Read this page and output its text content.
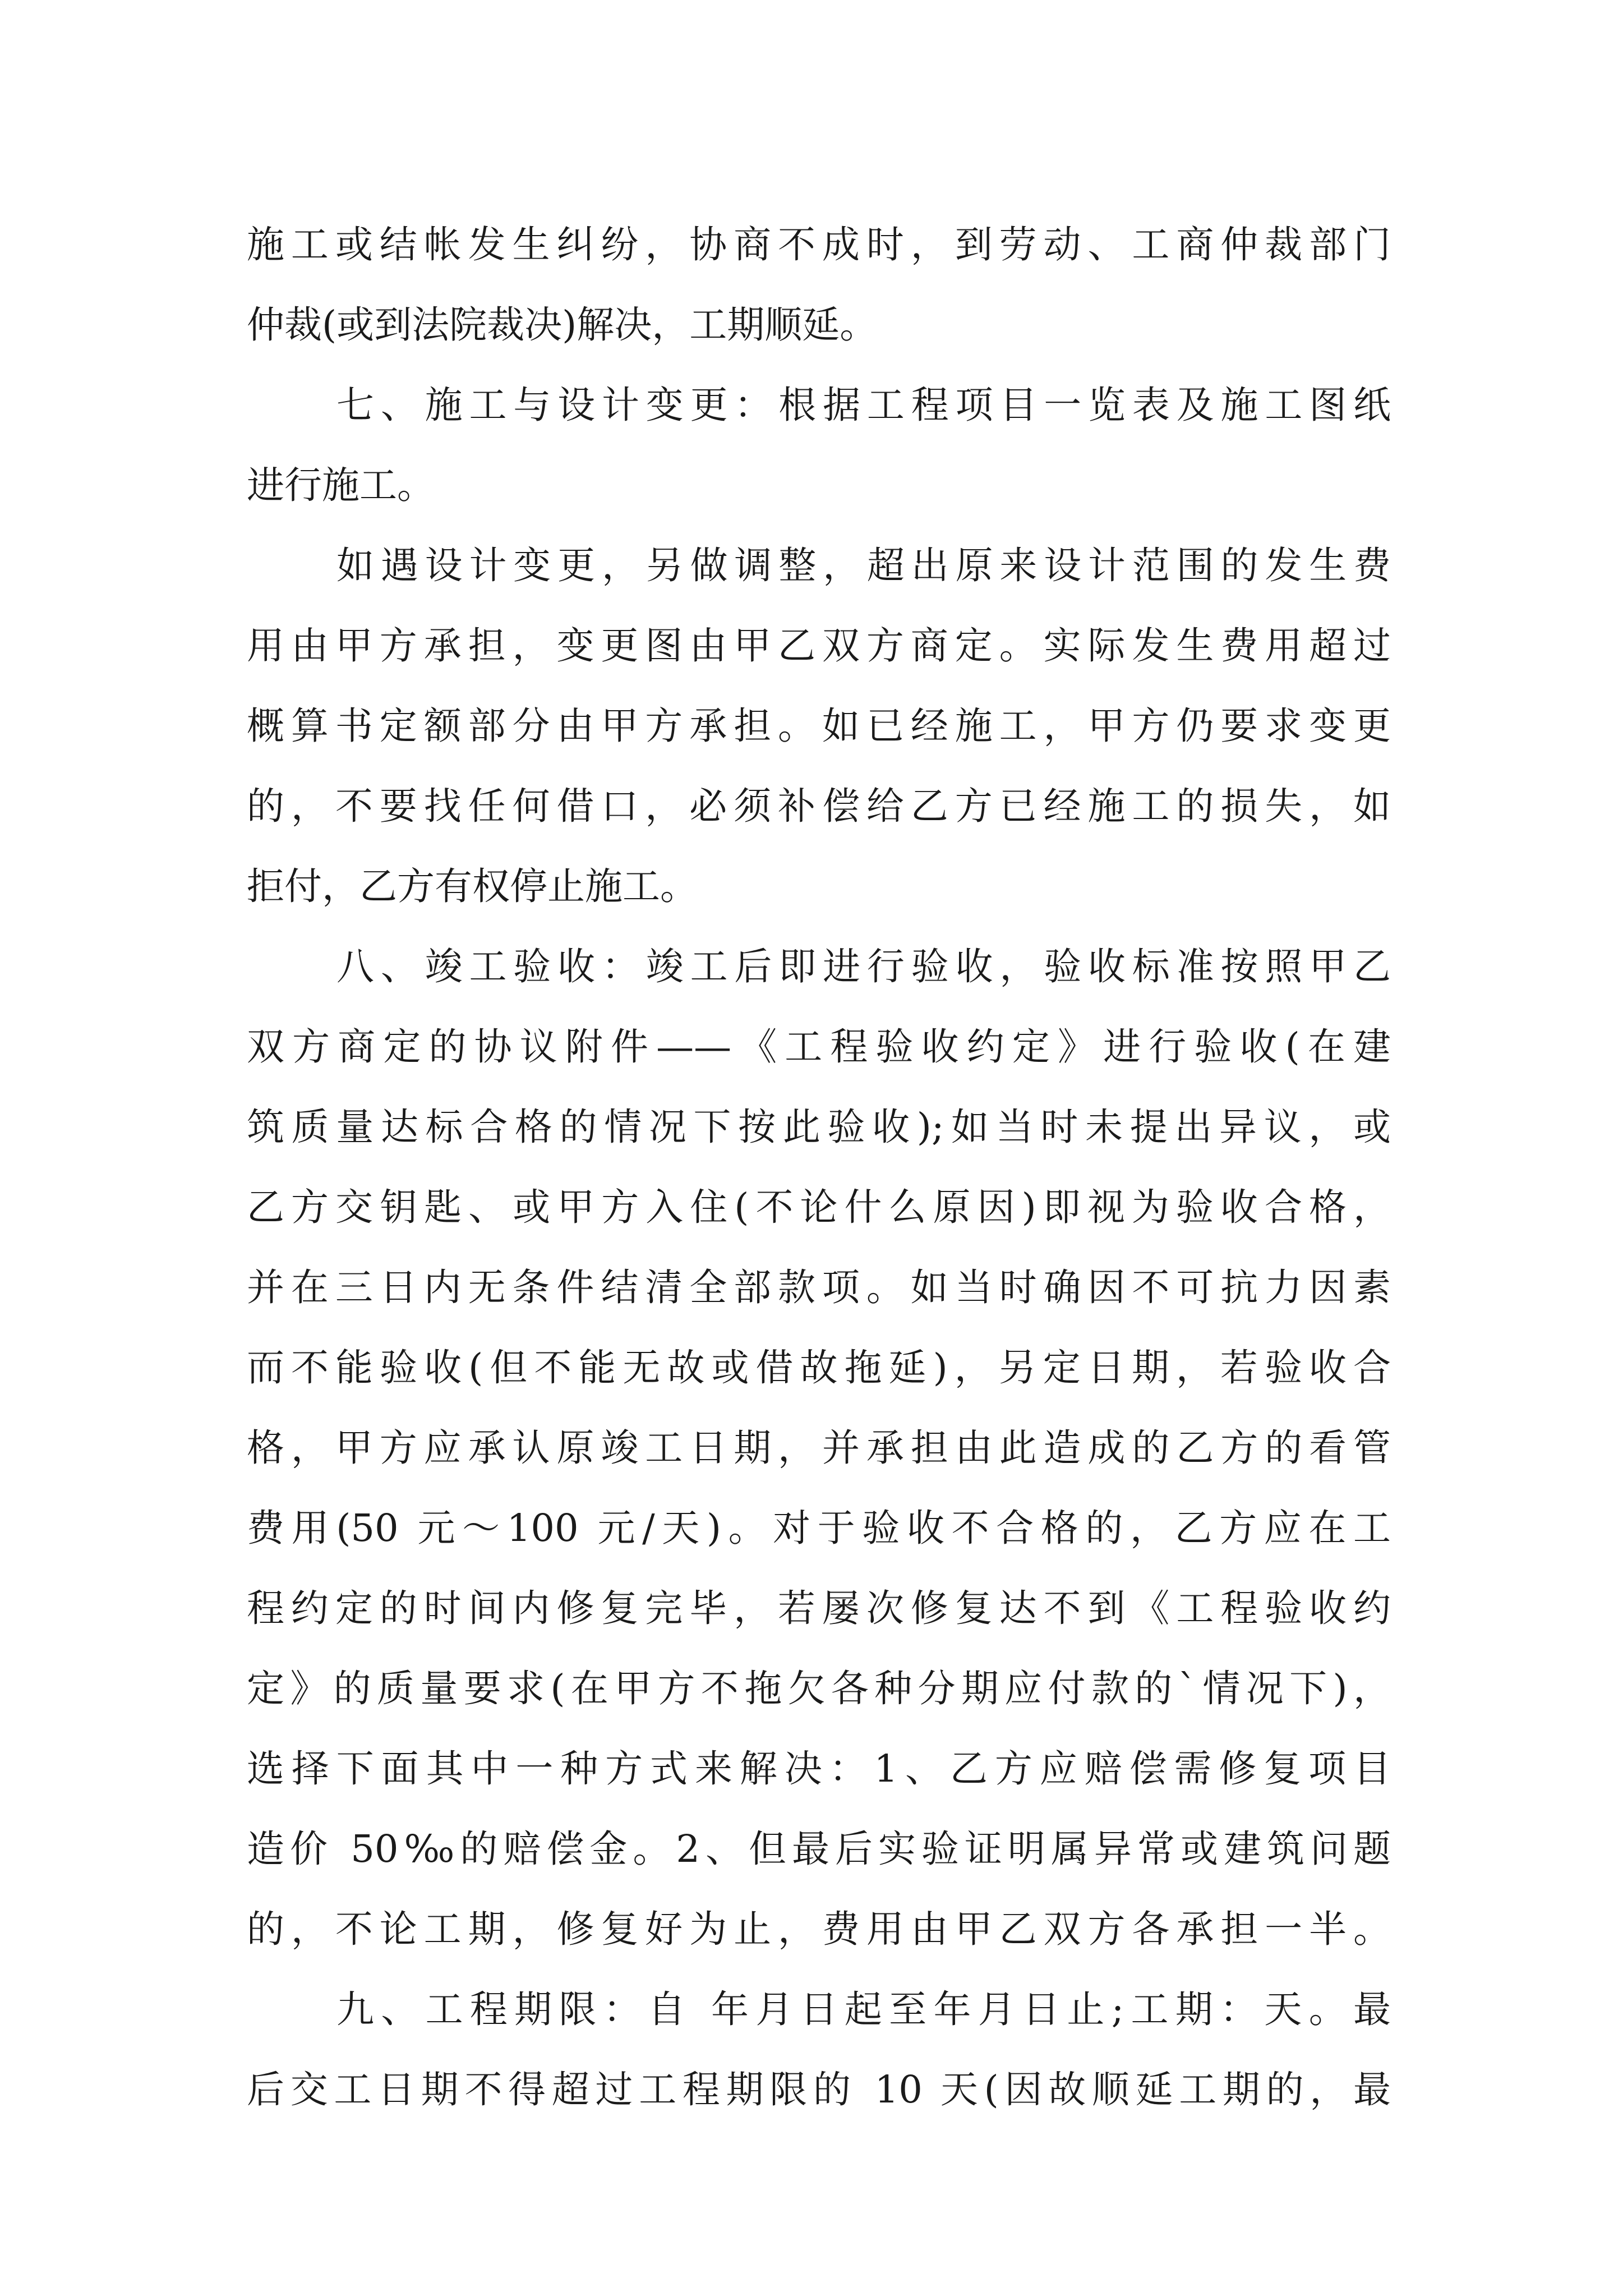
施工或结帐发生纠纷，协商不成时，到劳动、工商仲裁部门
仲裁(或到法院裁决)解决，工期顺延。
七、施工与设计变更：根据工程项目一览表及施工图纸
进行施工。
如遇设计变更，另做调整，超出原来设计范围的发生费
用由甲方承担，变更图由甲乙双方商定。实际发生费用超过
概算书定额部分由甲方承担。如已经施工，甲方仍要求变更
的，不要找任何借口，必须补偿给乙方已经施工的损失，如
拒付，乙方有权停止施工。
八、竣工验收：竣工后即进行验收，验收标准按照甲乙
双方商定的协议附件——《工程验收约定》进行验收(在建
筑质量达标合格的情况下按此验收);如当时未提出异议，或
乙方交钥匙、或甲方入住(不论什么原因)即视为验收合格，
并在三日内无条件结清全部款项。如当时确因不可抗力因素
而不能验收(但不能无故或借故拖延)，另定日期，若验收合
格，甲方应承认原竣工日期，并承担由此造成的乙方的看管
费用(50 元～100 元/天)。对于验收不合格的，乙方应在工
程约定的时间内修复完毕，若屡次修复达不到《工程验收约
定》的质量要求(在甲方不拖欠各种分期应付款的`情况下)，
选择下面其中一种方式来解决：1、乙方应赔偿需修复项目
造价 50‰的赔偿金。2、但最后实验证明属异常或建筑问题
的，不论工期，修复好为止，费用由甲乙双方各承担一半。
九、工程期限：自 年月日起至年月日止;工期：天。最
后交工日期不得超过工程期限的 10 天(因故顺延工期的，最
